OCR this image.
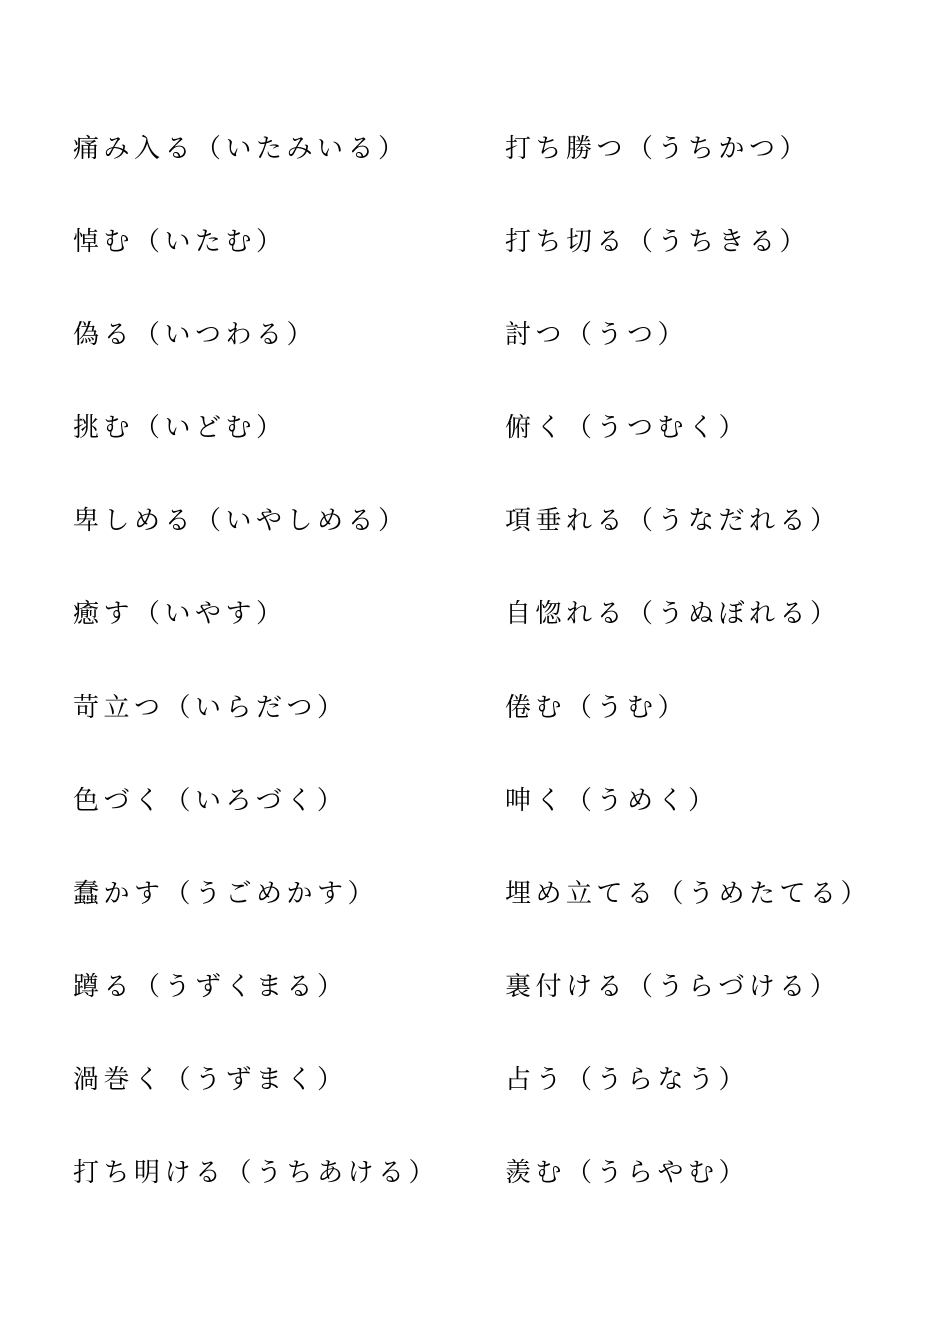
痛み入る（いたみいる）
悼む（いたむ）
偽る（いつわる）
挑む（いどむ）
卑しめる（いやしめる）
癒す（いやす）
苛立つ（いらだつ）
色づく（いろづく）
蠢かす（うごめかす）
蹲る（うずくまる）
渦巻く（うずまく）
打ち明ける（うちあける）
打ち勝つ（うちかつ）
打ち切る（うちきる）
討つ（うつ）
俯く（うつむく）
項垂れる（うなだれる）
自惚れる（うぬぼれる）
倦む（うむ）
呻く（うめく）
埋め立てる（うめたてる）
裏付ける（うらづける）
占う（うらなう）
羨む（うらやむ）
